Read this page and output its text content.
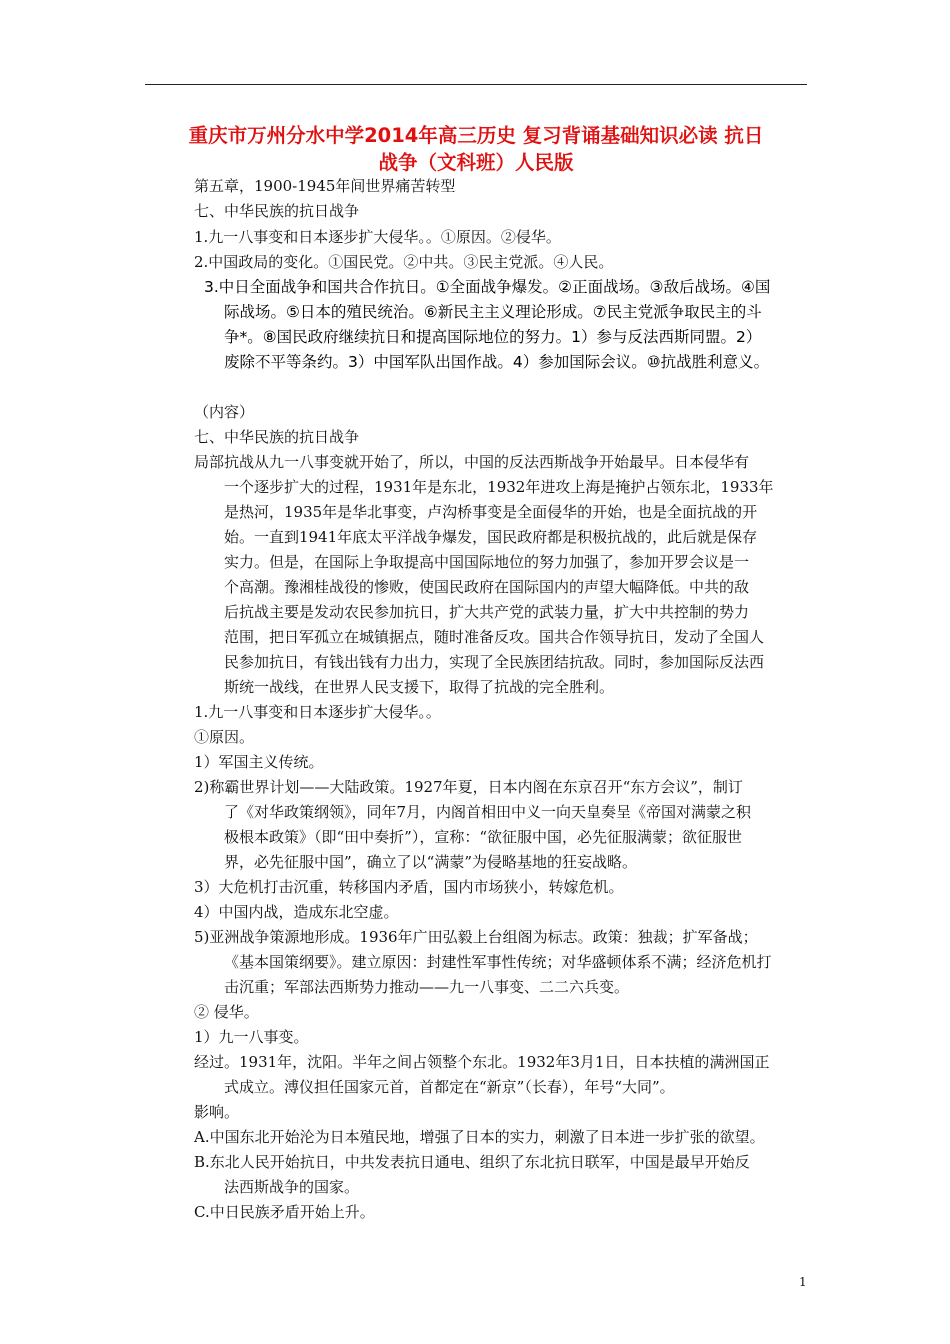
重庆市万州分水中学2014年高三历史 复习背诵基础知识必读 抗日
战争（文科班）人民版

第五章，1900-1945年间世界痛苦转型

七、中华民族的抗日战争

1.九一八事变和日本逐步扩大侵华。。①原因。②侵华。

2.中国政局的变化。①国民党。②中共。③民主党派。④人民。

3.中日全面战争和国共合作抗日。①全面战争爆发。②正面战场。③敌后战场。④国

际战场。⑤日本的殖民统治。⑥新民主主义理论形成。⑦民主党派争取民主的斗

争*。⑧国民政府继续抗日和提高国际地位的努力。1）参与反法西斯同盟。2）

废除不平等条约。3）中国军队出国作战。4）参加国际会议。⑩抗战胜利意义。

（内容）

七、中华民族的抗日战争

局部抗战从九一八事变就开始了，所以，中国的反法西斯战争开始最早。日本侵华有

一个逐步扩大的过程，1931年是东北，1932年进攻上海是掩护占领东北，1933年

是热河，1935年是华北事变，卢沟桥事变是全面侵华的开始，也是全面抗战的开

始。一直到1941年底太平洋战争爆发，国民政府都是积极抗战的，此后就是保存

实力。但是，在国际上争取提高中国国际地位的努力加强了，参加开罗会议是一

个高潮。豫湘桂战役的惨败，使国民政府在国际国内的声望大幅降低。中共的敌

后抗战主要是发动农民参加抗日，扩大共产党的武装力量，扩大中共控制的势力

范围，把日军孤立在城镇据点，随时准备反攻。国共合作领导抗日，发动了全国人

民参加抗日，有钱出钱有力出力，实现了全民族团结抗敌。同时，参加国际反法西

斯统一战线，在世界人民支援下，取得了抗战的完全胜利。

1.九一八事变和日本逐步扩大侵华。。

①原因。

1）军国主义传统。

2)称霸世界计划——大陆政策。1927年夏，日本内阁在东京召开“东方会议”，制订

了《对华政策纲领》，同年7月，内阁首相田中义一向天皇奏呈《帝国对满蒙之积

极根本政策》（即“田中奏折”），宣称：“欲征服中国，必先征服满蒙；欲征服世

界，必先征服中国”，确立了以“满蒙”为侵略基地的狂妄战略。

3）大危机打击沉重，转移国内矛盾，国内市场狭小，转嫁危机。

4）中国内战，造成东北空虚。

5)亚洲战争策源地形成。1936年广田弘毅上台组阁为标志。政策：独裁；扩军备战；

《基本国策纲要》。建立原因：封建性军事性传统；对华盛顿体系不满；经济危机打

击沉重；军部法西斯势力推动——九一八事变、二二六兵变。

② 侵华。

1）九一八事变。

经过。1931年，沈阳。半年之间占领整个东北。1932年3月1日，日本扶植的满洲国正

式成立。溥仪担任国家元首，首都定在“新京”（长春），年号“大同”。

影响。

A.中国东北开始沦为日本殖民地，增强了日本的实力，刺激了日本进一步扩张的欲望。

B.东北人民开始抗日，中共发表抗日通电、组织了东北抗日联军，中国是最早开始反

法西斯战争的国家。

C.中日民族矛盾开始上升。

1
